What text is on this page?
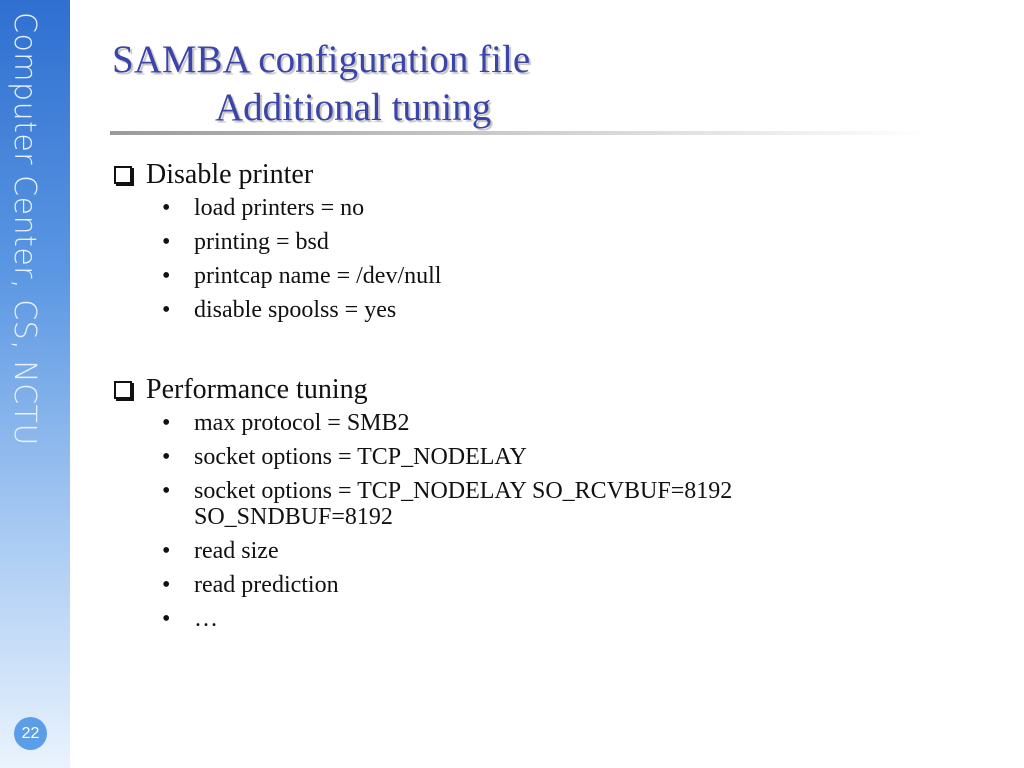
Computer Center, CS, NCTU
22
SAMBA configuration file
Additional tuning
Disable printer
• load printers = no
• printing = bsd
• printcap name = /dev/null
• disable spoolss = yes
Performance tuning
• max protocol = SMB2
• socket options = TCP_NODELAY
• socket options = TCP_NODELAY SO_RCVBUF=8192 SO_SNDBUF=8192
• read size
• read prediction
• …
